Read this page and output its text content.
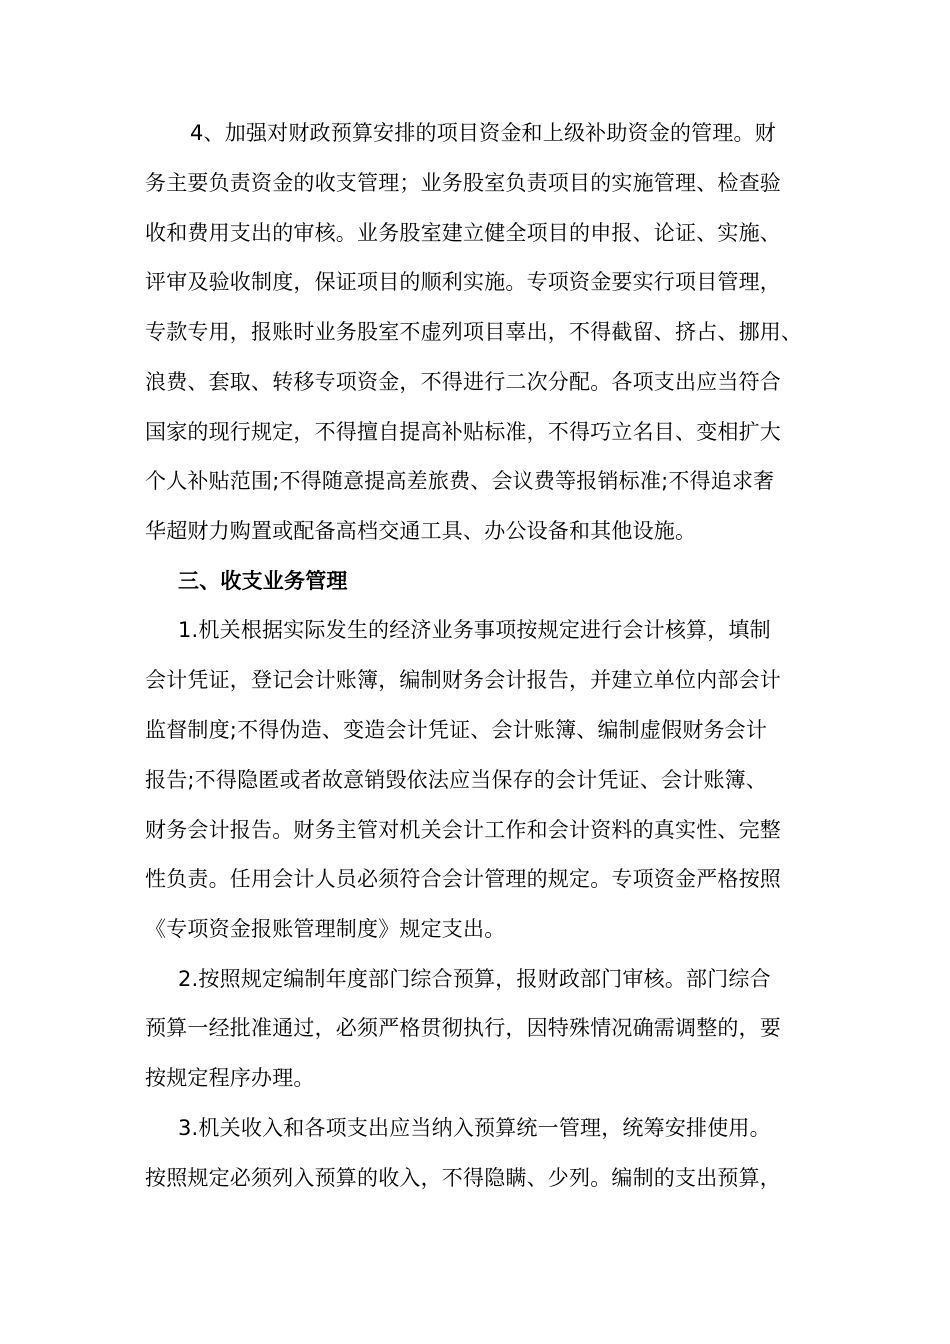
4、加强对财政预算安排的项目资金和上级补助资金的管理。财

务主要负责资金的收支管理；业务股室负责项目的实施管理、检查验

收和费用支出的审核。业务股室建立健全项目的申报、论证、实施、

评审及验收制度，保证项目的顺利实施。专项资金要实行项目管理，

专款专用，报账时业务股室不虚列项目辜出，不得截留、挤占、挪用、

浪费、套取、转移专项资金，不得进行二次分配。各项支出应当符合

国家的现行规定，不得擅自提高补贴标准，不得巧立名目、变相扩大

个人补贴范围;不得随意提高差旅费、会议费等报销标准;不得追求奢

华超财力购置或配备高档交通工具、办公设备和其他设施。

三、收支业务管理

1.机关根据实际发生的经济业务事项按规定进行会计核算，填制

会计凭证，登记会计账簿，编制财务会计报告，并建立单位内部会计

监督制度;不得伪造、变造会计凭证、会计账簿、编制虚假财务会计

报告;不得隐匿或者故意销毁依法应当保存的会计凭证、会计账簿、

财务会计报告。财务主管对机关会计工作和会计资料的真实性、完整

性负责。任用会计人员必须符合会计管理的规定。专项资金严格按照

《专项资金报账管理制度》规定支出。

2.按照规定编制年度部门综合预算，报财政部门审核。部门综合

预算一经批准通过，必须严格贯彻执行，因特殊情况确需调整的，要

按规定程序办理。

3.机关收入和各项支出应当纳入预算统一管理，统筹安排使用。

按照规定必须列入预算的收入，不得隐瞒、少列。编制的支出预算，
